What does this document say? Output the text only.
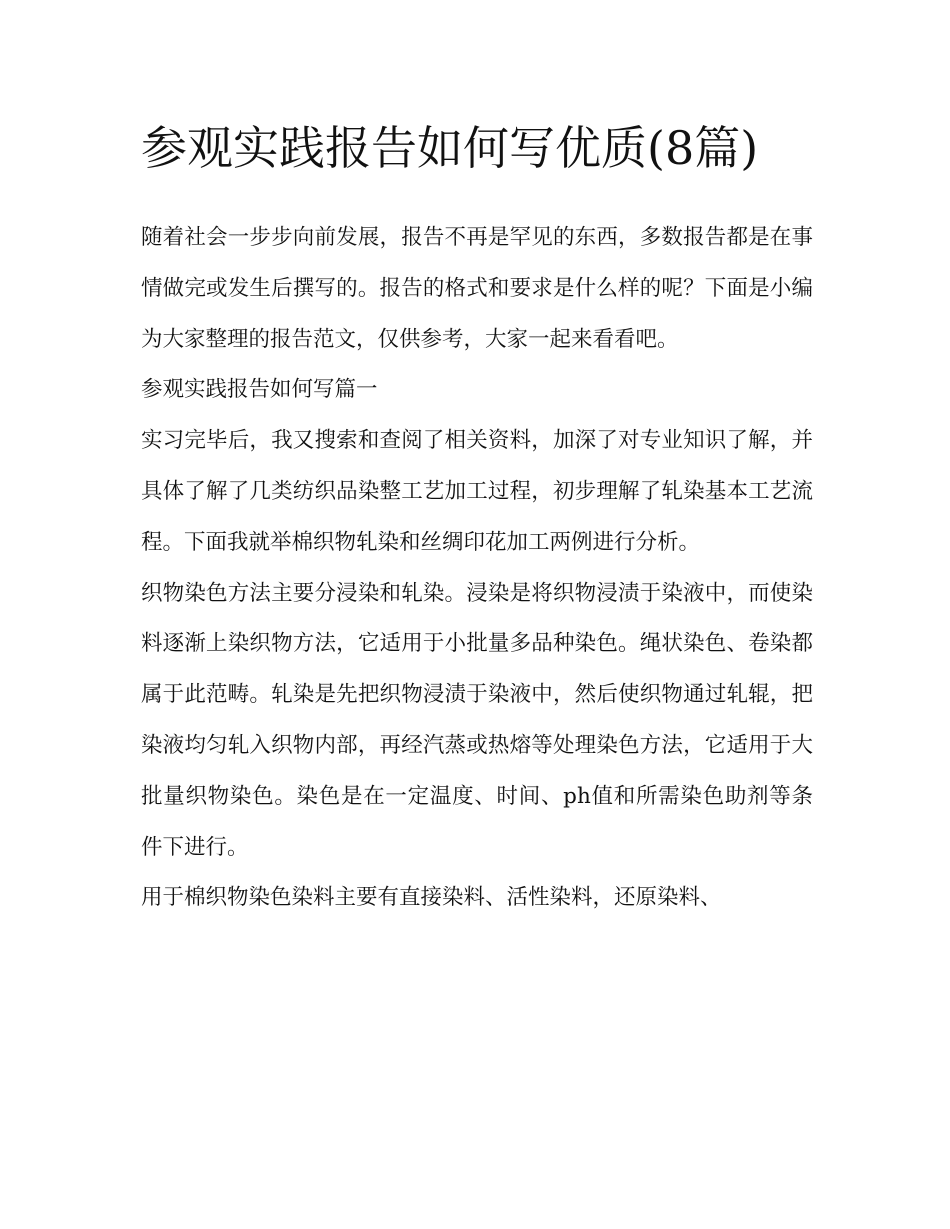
参观实践报告如何写优质(8篇)

随着社会一步步向前发展，报告不再是罕见的东西，多数报告都是在事情做完或发生后撰写的。报告的格式和要求是什么样的呢？下面是小编为大家整理的报告范文，仅供参考，大家一起来看看吧。

参观实践报告如何写篇一

实习完毕后，我又搜索和查阅了相关资料，加深了对专业知识了解，并具体了解了几类纺织品染整工艺加工过程，初步理解了轧染基本工艺流程。下面我就举棉织物轧染和丝绸印花加工两例进行分析。

织物染色方法主要分浸染和轧染。浸染是将织物浸渍于染液中，而使染料逐渐上染织物方法，它适用于小批量多品种染色。绳状染色、卷染都属于此范畴。轧染是先把织物浸渍于染液中，然后使织物通过轧辊，把染液均匀轧入织物内部，再经汽蒸或热熔等处理染色方法，它适用于大批量织物染色。染色是在一定温度、时间、ph值和所需染色助剂等条件下进行。

用于棉织物染色染料主要有直接染料、活性染料，还原染料、
